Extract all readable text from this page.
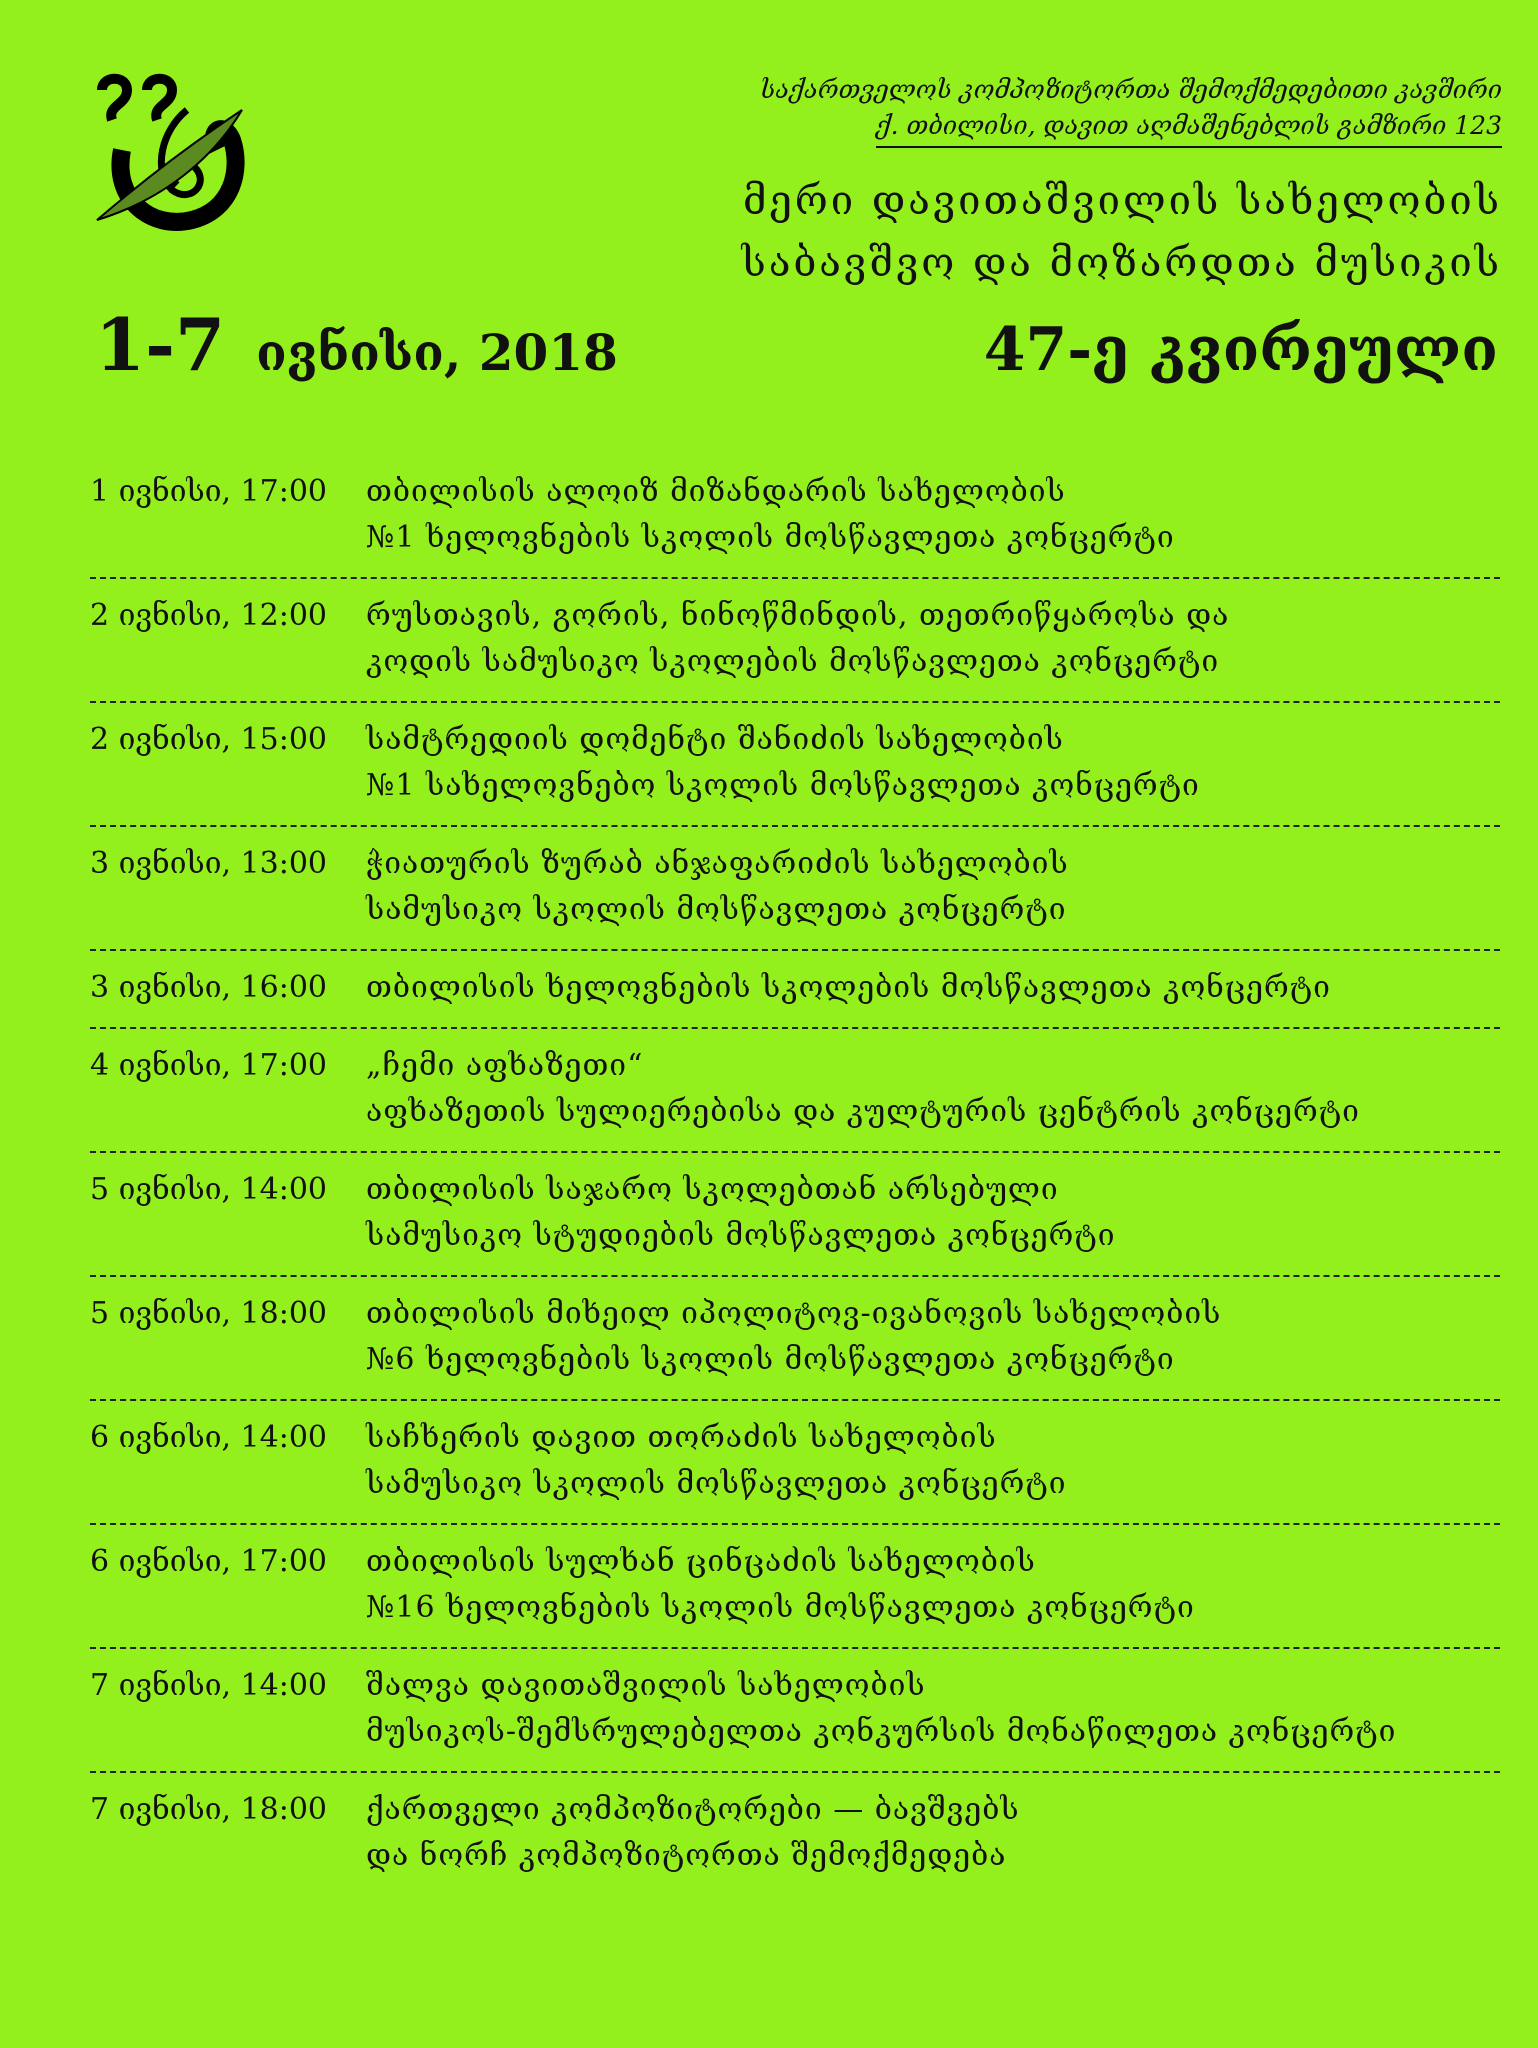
საქართველოს კომპოზიტორთა შემოქმედებითი კავშირი
ქ. თბილისი, დავით აღმაშენებლის გამზირი 123
მერი დავითაშვილის სახელობის
საბავშვო და მოზარდთა მუსიკის
1-7 ივნისი, 2018	47-ე კვირეული
1 ივნისი, 17:00	თბილისის ალოიზ მიზანდარის სახელობის
№1 ხელოვნების სკოლის მოსწავლეთა კონცერტი
2 ივნისი, 12:00	რუსთავის, გორის, ნინოწმინდის, თეთრიწყაროსა და
კოდის სამუსიკო სკოლების მოსწავლეთა კონცერტი
2 ივნისი, 15:00	სამტრედიის დომენტი შანიძის სახელობის
№1 სახელოვნებო სკოლის მოსწავლეთა კონცერტი
3 ივნისი, 13:00	ჭიათურის ზურაბ ანჯაფარიძის სახელობის
სამუსიკო სკოლის მოსწავლეთა კონცერტი
3 ივნისი, 16:00	თბილისის ხელოვნების სკოლების მოსწავლეთა კონცერტი
4 ივნისი, 17:00	„ჩემი აფხაზეთი“
აფხაზეთის სულიერებისა და კულტურის ცენტრის კონცერტი
5 ივნისი, 14:00	თბილისის საჯარო სკოლებთან არსებული
სამუსიკო სტუდიების მოსწავლეთა კონცერტი
5 ივნისი, 18:00	თბილისის მიხეილ იპოლიტოვ-ივანოვის სახელობის
№6 ხელოვნების სკოლის მოსწავლეთა კონცერტი
6 ივნისი, 14:00	საჩხერის დავით თორაძის სახელობის
სამუსიკო სკოლის მოსწავლეთა კონცერტი
6 ივნისი, 17:00	თბილისის სულხან ცინცაძის სახელობის
№16 ხელოვნების სკოლის მოსწავლეთა კონცერტი
7 ივნისი, 14:00	შალვა დავითაშვილის სახელობის
მუსიკოს-შემსრულებელთა კონკურსის მონაწილეთა კონცერტი
7 ივნისი, 18:00	ქართველი კომპოზიტორები — ბავშვებს
და ნორჩ კომპოზიტორთა შემოქმედება
